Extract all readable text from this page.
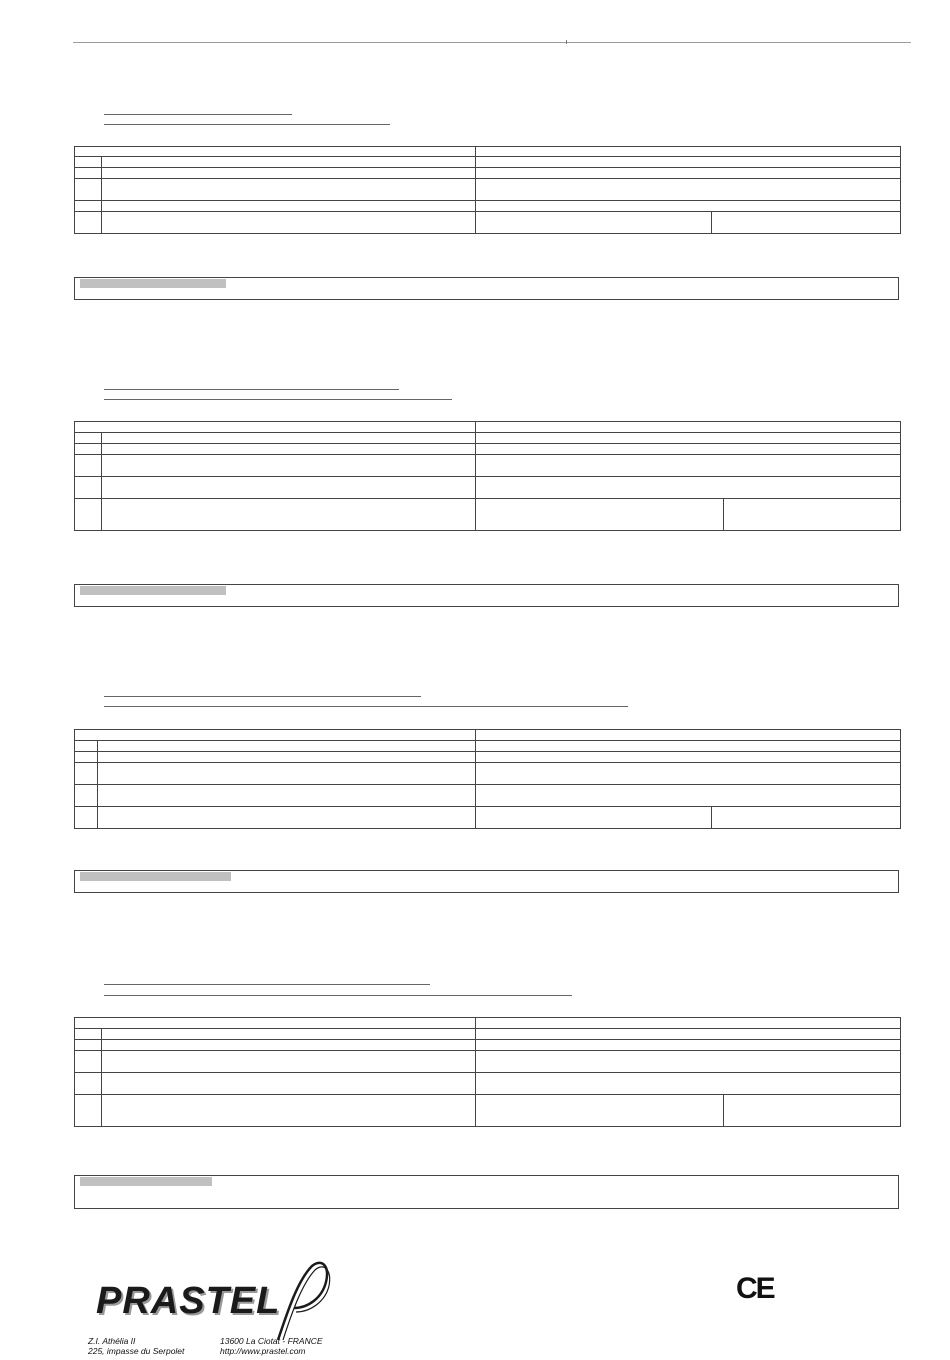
PRASTEL
Z.I. Athélia II
225, impasse du Serpolet
13600 La Ciotat - FRANCE
http://www.prastel.com
CE
